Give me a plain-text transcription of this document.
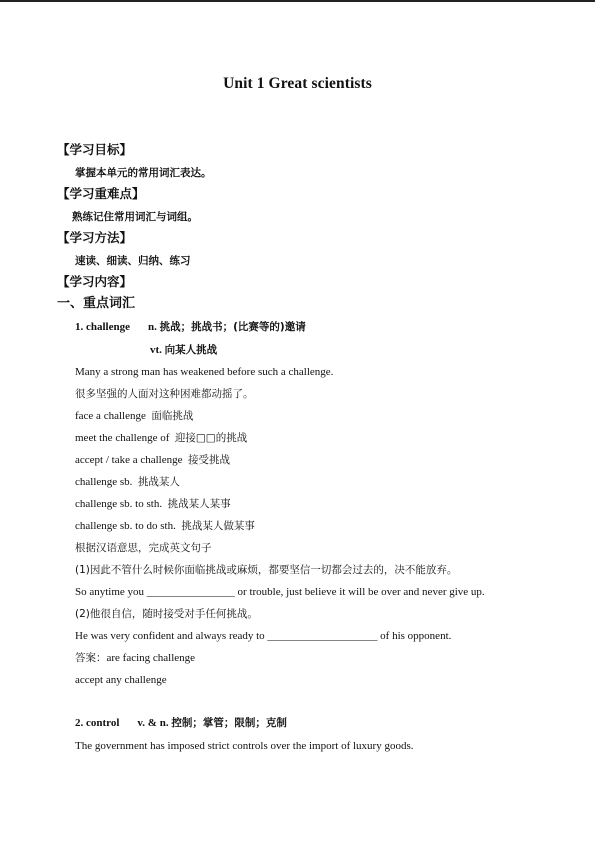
Unit 1 Great scientists
【学习目标】
掌握本单元的常用词汇表达。
【学习重难点】
熟练记住常用词汇与词组。
【学习方法】
速读、细读、归纳、练习
【学习内容】
一、重点词汇
1. challenge n. 挑战；挑战书；(比赛等的)邀请
vt. 向某人挑战
Many a strong man has weakened before such a challenge.
很多坚强的人面对这种困难都动摇了。
face a challenge 面临挑战
meet the challenge of 迎接□□的挑战
accept / take a challenge 接受挑战
challenge sb. 挑战某人
challenge sb. to sth. 挑战某人某事
challenge sb. to do sth. 挑战某人做某事
根据汉语意思，完成英文句子
(1)因此不管什么时候你面临挑战或麻烦，都要坚信一切都会过去的，决不能放弃。
So anytime you ________________ or trouble, just believe it will be over and never give up.
(2)他很自信，随时接受对手任何挑战。
He was very confident and always ready to ____________________ of his opponent.
答案：are facing challenge
accept any challenge
2. control v. & n. 控制；掌管；限制；克制
The government has imposed strict controls over the import of luxury goods.
